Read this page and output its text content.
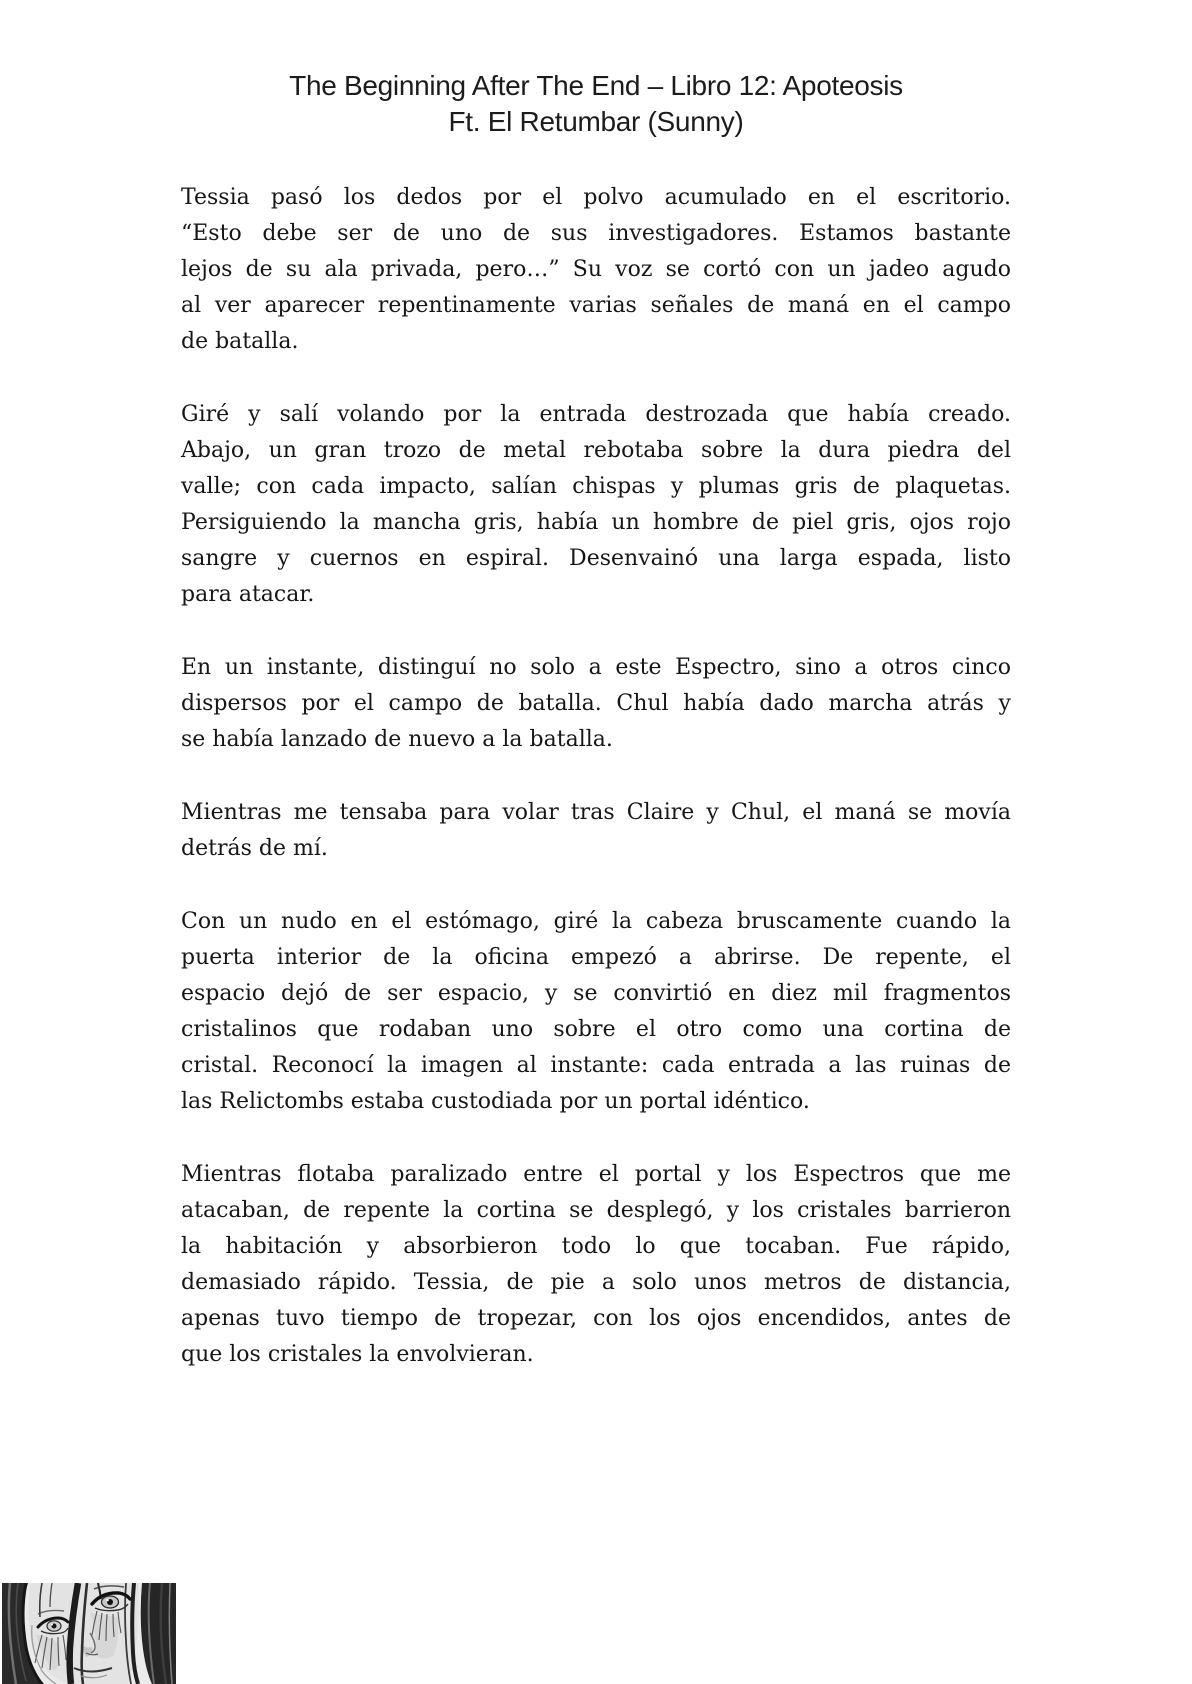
The Beginning After The End – Libro 12: Apoteosis
Ft. El Retumbar (Sunny)
Tessia pasó los dedos por el polvo acumulado en el escritorio.
“Esto debe ser de uno de sus investigadores. Estamos bastante
lejos de su ala privada, pero…” Su voz se cortó con un jadeo agudo
al ver aparecer repentinamente varias señales de maná en el campo
de batalla.
Giré y salí volando por la entrada destrozada que había creado.
Abajo, un gran trozo de metal rebotaba sobre la dura piedra del
valle; con cada impacto, salían chispas y plumas gris de plaquetas.
Persiguiendo la mancha gris, había un hombre de piel gris, ojos rojo
sangre y cuernos en espiral. Desenvainó una larga espada, listo
para atacar.
En un instante, distinguí no solo a este Espectro, sino a otros cinco
dispersos por el campo de batalla. Chul había dado marcha atrás y
se había lanzado de nuevo a la batalla.
Mientras me tensaba para volar tras Claire y Chul, el maná se movía
detrás de mí.
Con un nudo en el estómago, giré la cabeza bruscamente cuando la
puerta interior de la oficina empezó a abrirse. De repente, el
espacio dejó de ser espacio, y se convirtió en diez mil fragmentos
cristalinos que rodaban uno sobre el otro como una cortina de
cristal. Reconocí la imagen al instante: cada entrada a las ruinas de
las Relictombs estaba custodiada por un portal idéntico.
Mientras flotaba paralizado entre el portal y los Espectros que me
atacaban, de repente la cortina se desplegó, y los cristales barrieron
la habitación y absorbieron todo lo que tocaban. Fue rápido,
demasiado rápido. Tessia, de pie a solo unos metros de distancia,
apenas tuvo tiempo de tropezar, con los ojos encendidos, antes de
que los cristales la envolvieran.
